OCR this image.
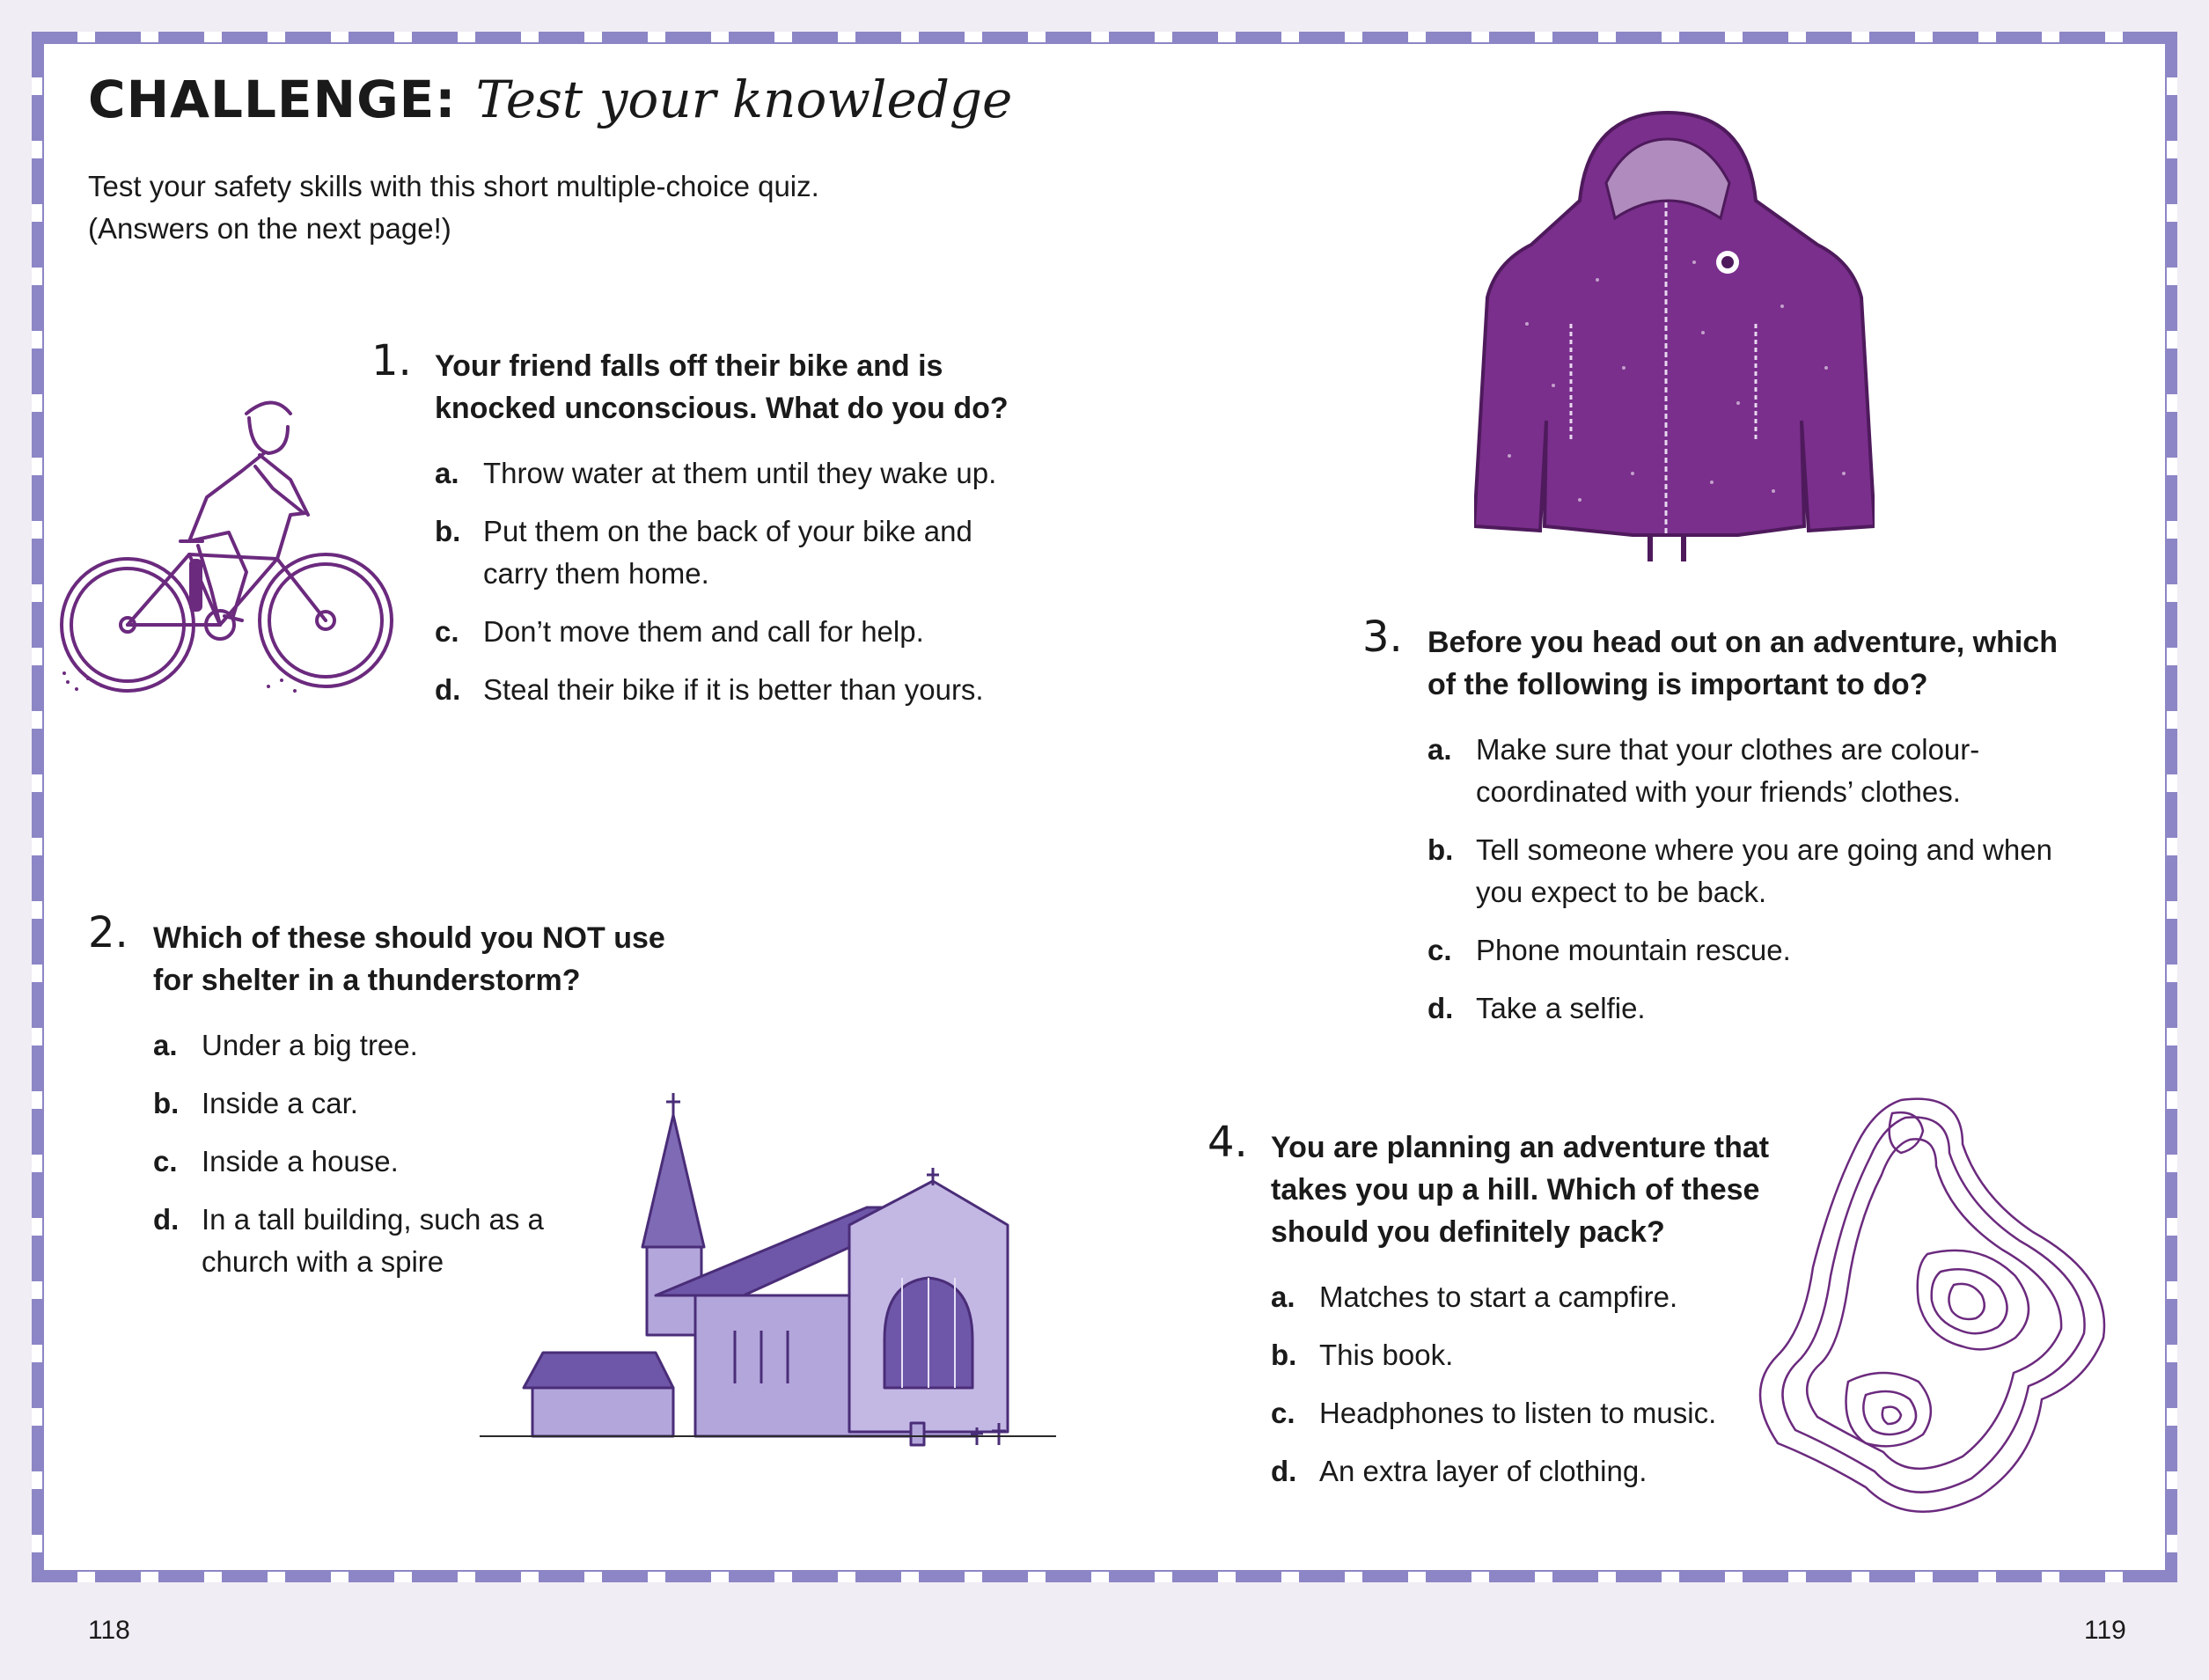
CHALLENGE: Test your knowledge

Test your safety skills with this short multiple-choice quiz.

(Answers on the next page!)

1. Your friend falls off their bike and is knocked unconscious. What do you do?

a. Throw water at them until they wake up.
b. Put them on the back of your bike and carry them home.
c. Don’t move them and call for help.
d. Steal their bike if it is better than yours.
2. Which of these should you NOT use for shelter in a thunderstorm?

a. Under a big tree.
b. Inside a car.
c. Inside a house.
d. In a tall building, such as a church with a spire
3. Before you head out on an adventure, which of the following is important to do?

a. Make sure that your clothes are colour-coordinated with your friends’ clothes.
b. Tell someone where you are going and when you expect to be back.
c. Phone mountain rescue.
d. Take a selfie.
4. You are planning an adventure that takes you up a hill. Which of these should you definitely pack?

a. Matches to start a campfire.
b. This book.
c. Headphones to listen to music.
d. An extra layer of clothing.
118	119
